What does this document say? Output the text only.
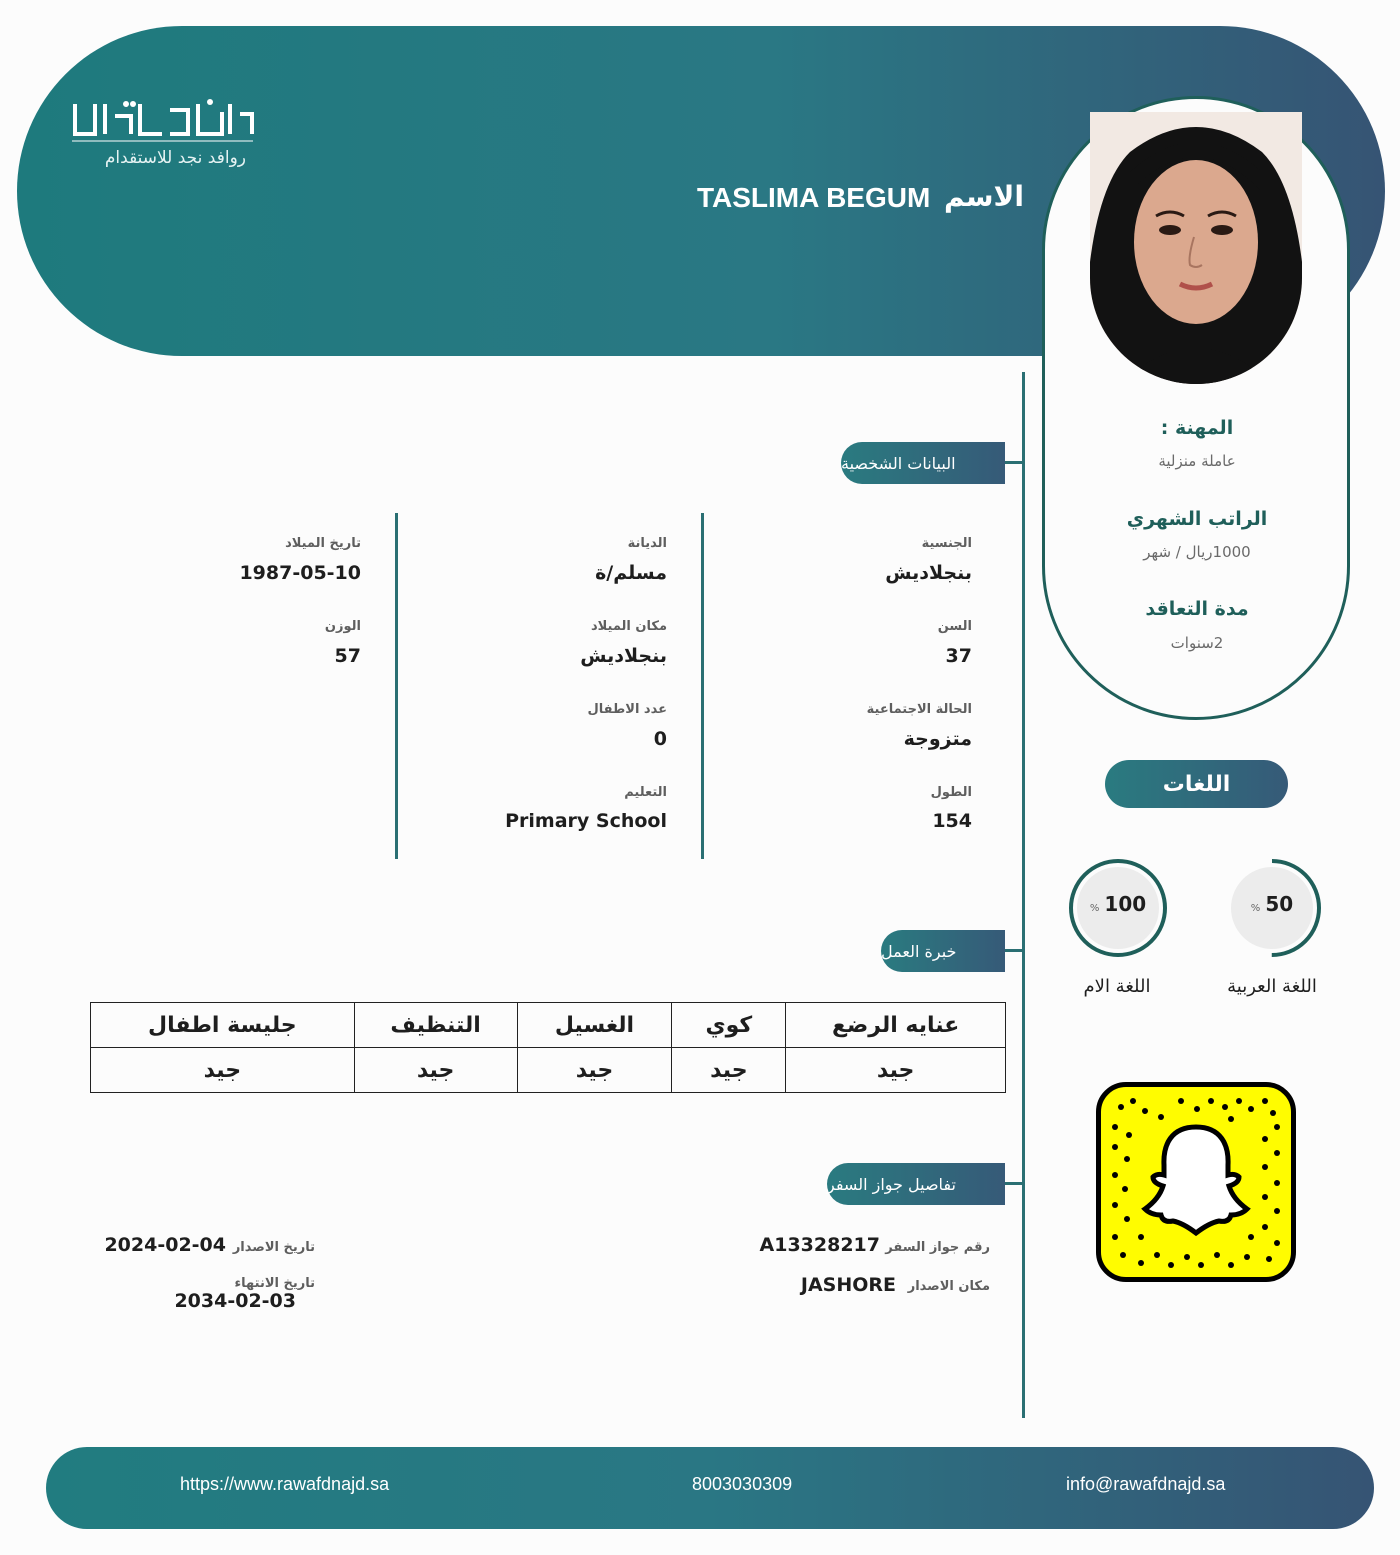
روافد نجد للاستقدام
الاسم
TASLIMA BEGUM
المهنة :
عاملة منزلية
الراتب الشهري
1000ريال / شهر
مدة التعاقد
2سنوات
البيانات الشخصية
الجنسية
بنجلاديش
السن
37
الحالة الاجتماعية
متزوجة
الطول
154
الديانة
مسلم/ة
مكان الميلاد
بنجلاديش
عدد الاطفال
0
التعليم
Primary School
تاريخ الميلاد
1987-05-10
الوزن
57
اللغات
% 50
اللغة العربية
% 100
اللغة الام
خبرة العمل
عنايه الرضع	كوي	الغسيل	التنظيف	جليسة اطفال
جيد	جيد	جيد	جيد	جيد
تفاصيل جواز السفر
رقم جواز السفر
A13328217
مكان الاصدار
JASHORE
تاريخ الاصدار
2024-02-04
تاريخ الانتهاء
2034-02-03
https://www.rawafdnajd.sa	8003030309	info@rawafdnajd.sa
